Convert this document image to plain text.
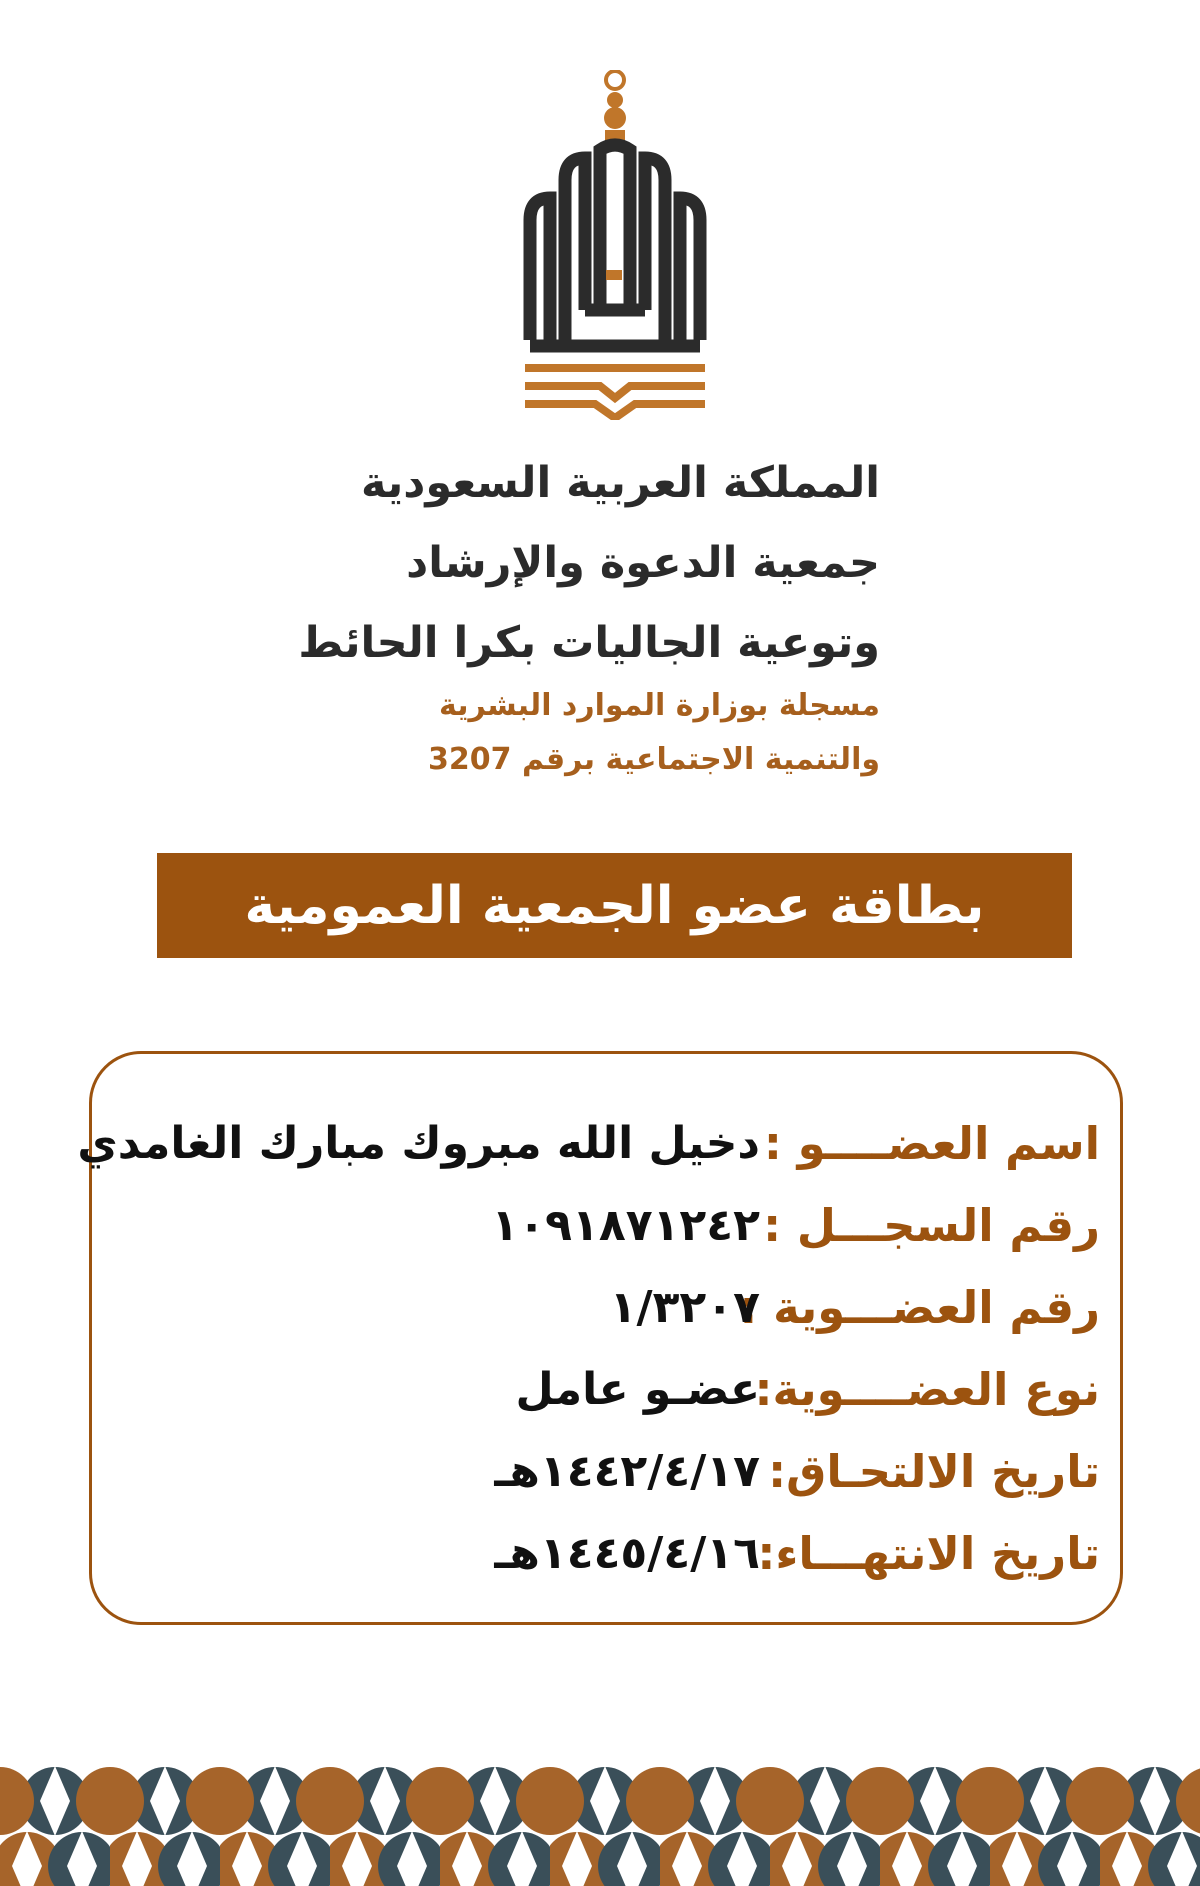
المملكة العربية السعودية
جمعية الدعوة والإرشاد
وتوعية الجاليات بكرا الحائط
مسجلة بوزارة الموارد البشرية
والتنمية الاجتماعية برقم 3207
بطاقة عضو الجمعية العمومية
اسم العضــــو :
دخيل الله مبروك مبارك الغامدي
رقم السجـــل :
١٠٩١٨٧١٢٤٢
رقم العضـــوية :
١/٣٢٠٧
نوع العضــــوية:
عضـو عامل
تاريخ الالتحـاق:
١٤٤٢/٤/١٧هـ
تاريخ الانتهـــاء:
١٤٤٥/٤/١٦هـ
